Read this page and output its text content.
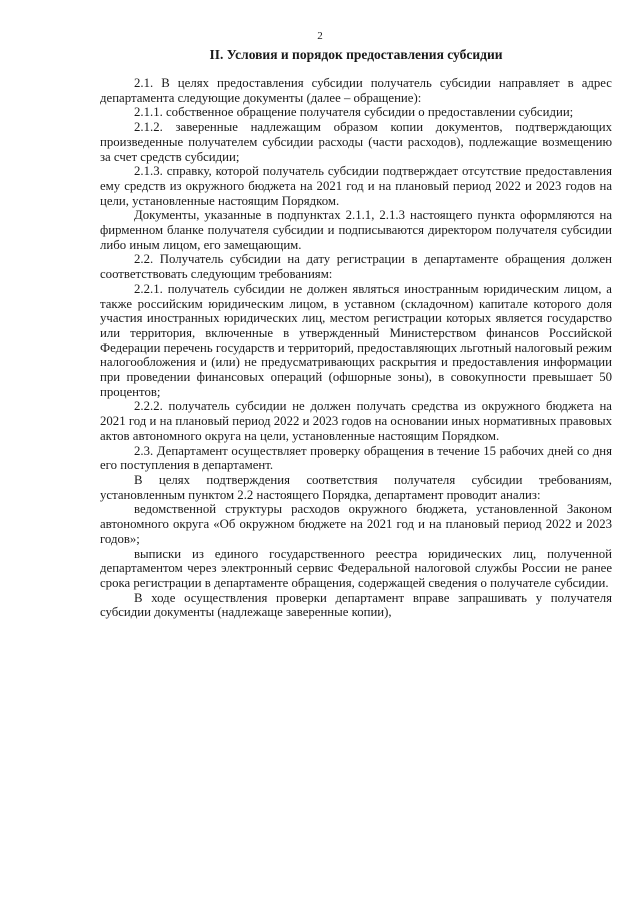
2
II. Условия и порядок предоставления субсидии

2.1. В целях предоставления субсидии получатель субсидии направляет в адрес департамента следующие документы (далее – обращение):

2.1.1. собственное обращение получателя субсидии о предоставлении субсидии;

2.1.2. заверенные надлежащим образом копии документов, подтверждающих произведенные получателем субсидии расходы (части расходов), подлежащие возмещению за счет средств субсидии;

2.1.3. справку, которой получатель субсидии подтверждает отсутствие предоставления ему средств из окружного бюджета на 2021 год и на плановый период 2022 и 2023 годов на цели, установленные настоящим Порядком.

Документы, указанные в подпунктах 2.1.1, 2.1.3 настоящего пункта оформляются на фирменном бланке получателя субсидии и подписываются директором получателя субсидии либо иным лицом, его замещающим.

2.2. Получатель субсидии на дату регистрации в департаменте обращения должен соответствовать следующим требованиям:

2.2.1. получатель субсидии не должен являться иностранным юридическим лицом, а также российским юридическим лицом, в уставном (складочном) капитале которого доля участия иностранных юридических лиц, местом регистрации которых является государство или территория, включенные в утвержденный Министерством финансов Российской Федерации перечень государств и территорий, предоставляющих льготный налоговый режим налогообложения и (или) не предусматривающих раскрытия и предоставления информации при проведении финансовых операций (офшорные зоны), в совокупности превышает 50 процентов;

2.2.2. получатель субсидии не должен получать средства из окружного бюджета на 2021 год и на плановый период 2022 и 2023 годов на основании иных нормативных правовых актов автономного округа на цели, установленные настоящим Порядком.

2.3. Департамент осуществляет проверку обращения в течение 15 рабочих дней со дня его поступления в департамент.

В целях подтверждения соответствия получателя субсидии требованиям, установленным пунктом 2.2 настоящего Порядка, департамент проводит анализ:

ведомственной структуры расходов окружного бюджета, установленной Законом автономного округа «Об окружном бюджете на 2021 год и на плановый период 2022 и 2023 годов»;

выписки из единого государственного реестра юридических лиц, полученной департаментом через электронный сервис Федеральной налоговой службы России не ранее срока регистрации в департаменте обращения, содержащей сведения о получателе субсидии.

В ходе осуществления проверки департамент вправе запрашивать у получателя субсидии документы (надлежаще заверенные копии),
